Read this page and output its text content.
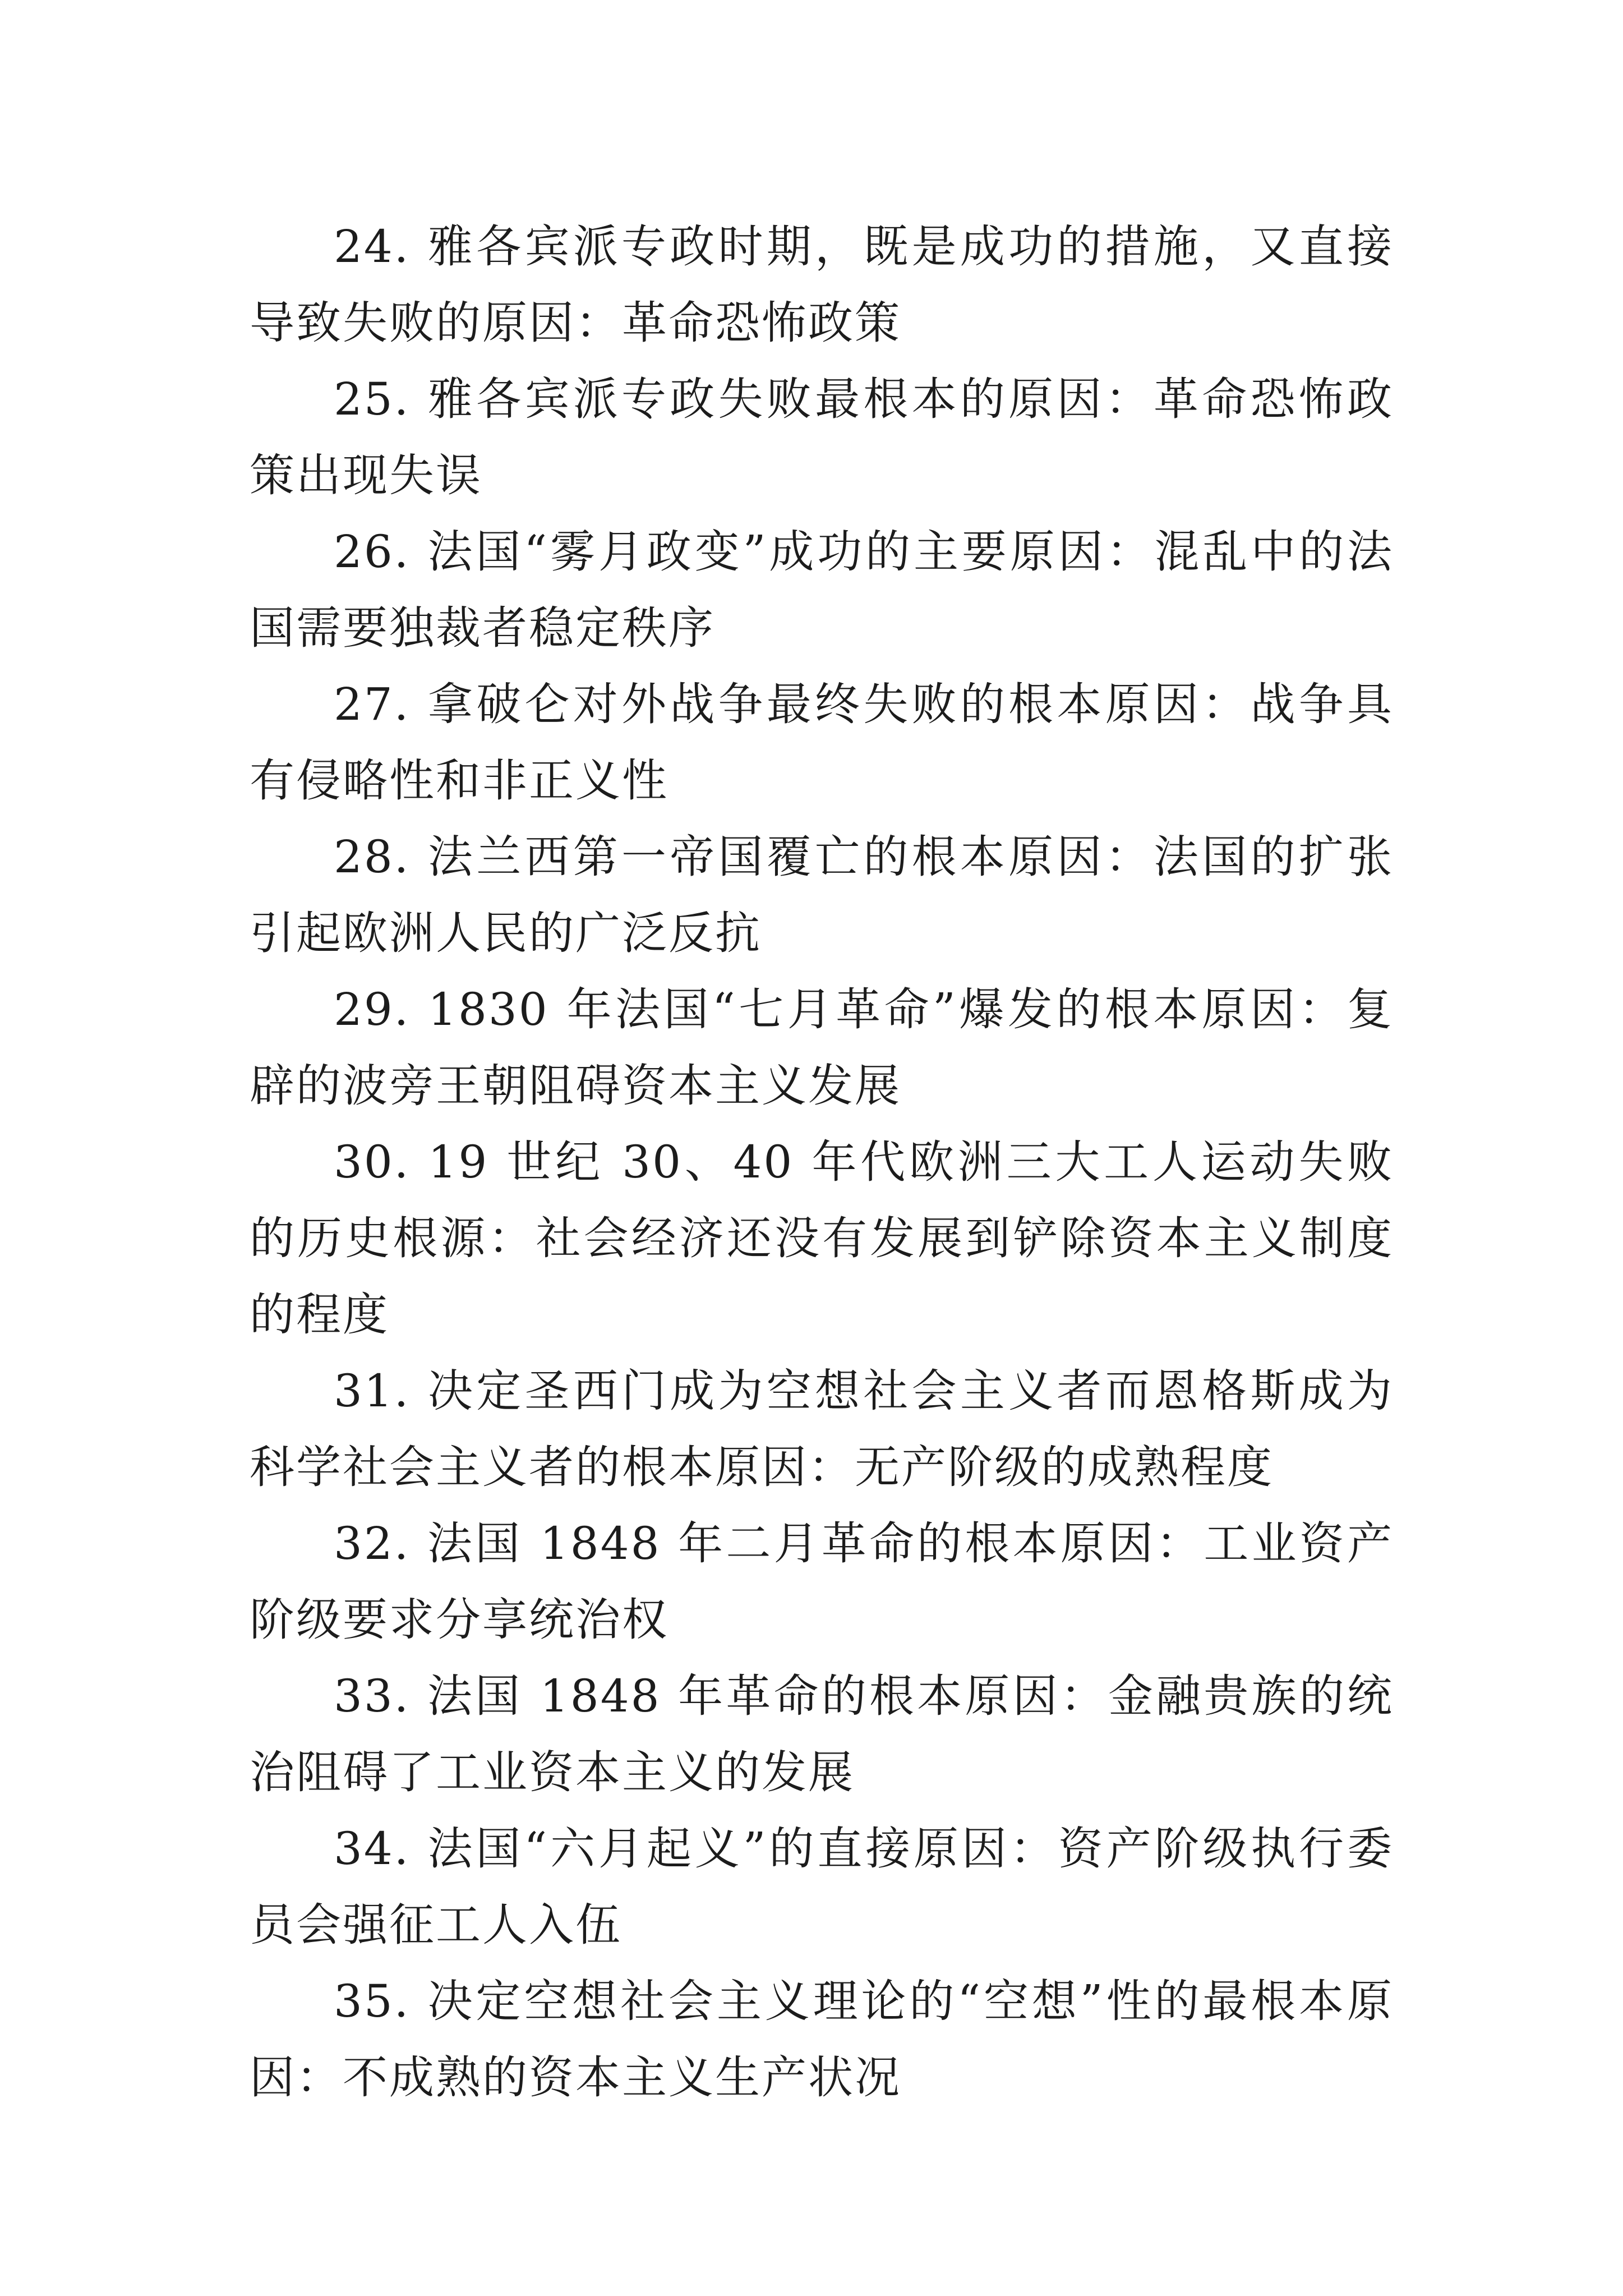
24. 雅各宾派专政时期，既是成功的措施，又直接导致失败的原因：革命恐怖政策

25. 雅各宾派专政失败最根本的原因：革命恐怖政策出现失误

26. 法国“雾月政变”成功的主要原因：混乱中的法国需要独裁者稳定秩序

27. 拿破仑对外战争最终失败的根本原因：战争具有侵略性和非正义性

28. 法兰西第一帝国覆亡的根本原因：法国的扩张引起欧洲人民的广泛反抗

29. 1830 年法国“七月革命”爆发的根本原因：复辟的波旁王朝阻碍资本主义发展

30. 19 世纪 30、40 年代欧洲三大工人运动失败的历史根源：社会经济还没有发展到铲除资本主义制度的程度

31. 决定圣西门成为空想社会主义者而恩格斯成为科学社会主义者的根本原因：无产阶级的成熟程度

32. 法国 1848 年二月革命的根本原因：工业资产阶级要求分享统治权

33. 法国 1848 年革命的根本原因：金融贵族的统治阻碍了工业资本主义的发展

34. 法国“六月起义”的直接原因：资产阶级执行委员会强征工人入伍

35. 决定空想社会主义理论的“空想”性的最根本原因：不成熟的资本主义生产状况
